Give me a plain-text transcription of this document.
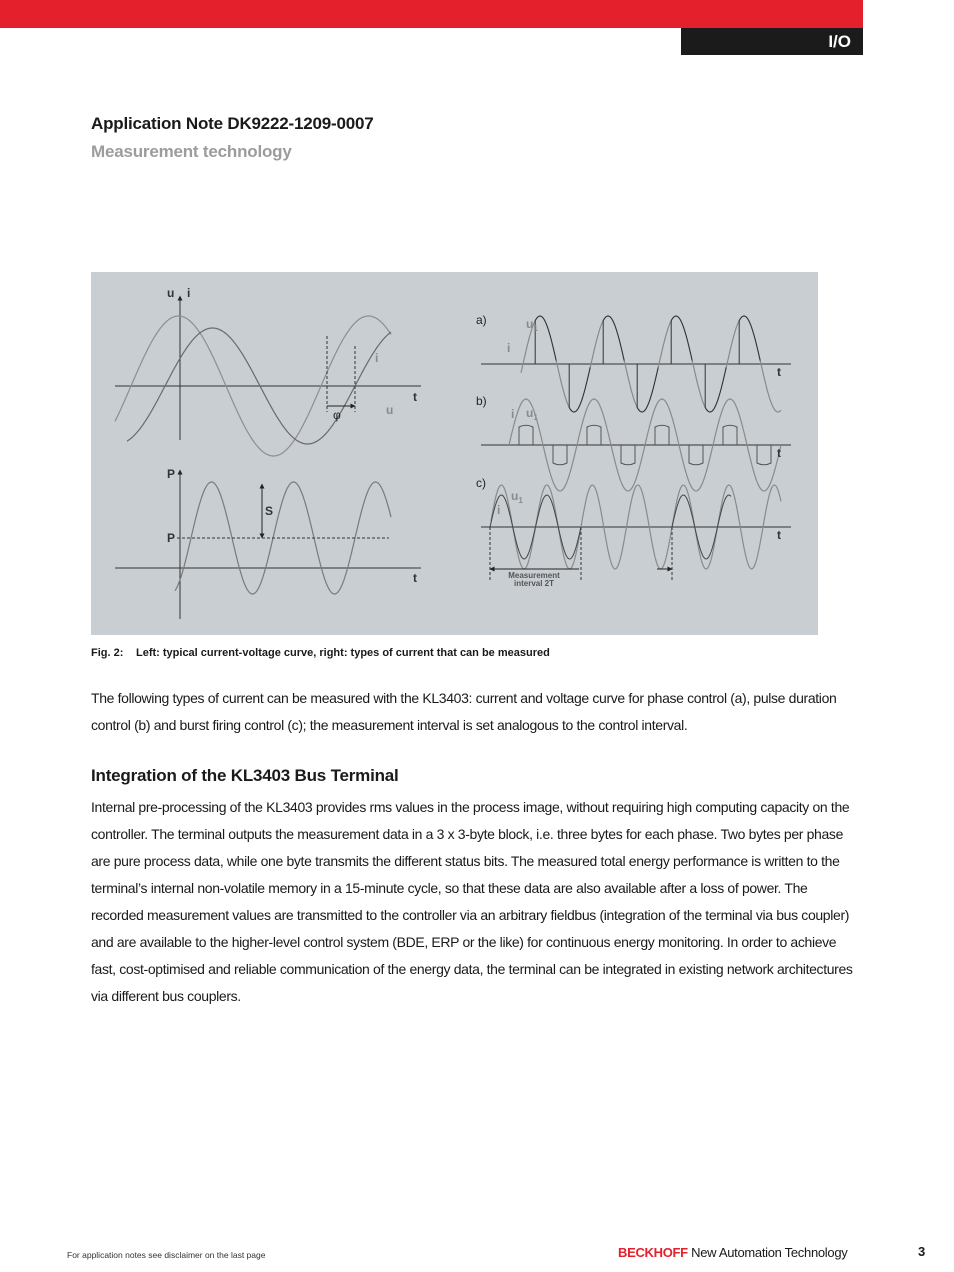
I/O
Application Note DK9222-1209-0007
Measurement technology
u i
t
i
u
φ
P
S
P
t
a)	$u_1$
i
t
b)
$u_1$
i
t
c)
$u_1$
i
t
Measurement
interval 2T
Fig. 2: Left: typical current-voltage curve, right: types of current that can be measured

The following types of current can be measured with the KL3403: current and voltage curve for phase control (a), pulse duration control (b) and burst firing control (c); the measurement interval is set analogous to the control interval.

Integration of the KL3403 Bus Terminal

Internal pre-processing of the KL3403 provides rms values in the process image, without requiring high computing capacity on the controller. The terminal outputs the measurement data in a 3 x 3-byte block, i.e. three bytes for each phase. Two bytes per phase are pure process data, while one byte transmits the different status bits. The measured total energy performance is written to the terminal’s internal non-volatile memory in a 15-minute cycle, so that these data are also available after a loss of power. The recorded measurement values are transmitted to the controller via an arbitrary fieldbus (integration of the terminal via bus coupler) and are available to the higher-level control system (BDE, ERP or the like) for continuous energy monitoring. In order to achieve fast, cost-optimised and reliable communication of the energy data, the terminal can be integrated in existing network architectures via different bus couplers.

For application notes see disclaimer on the last page	BECKHOFF New Automation Technology	3
